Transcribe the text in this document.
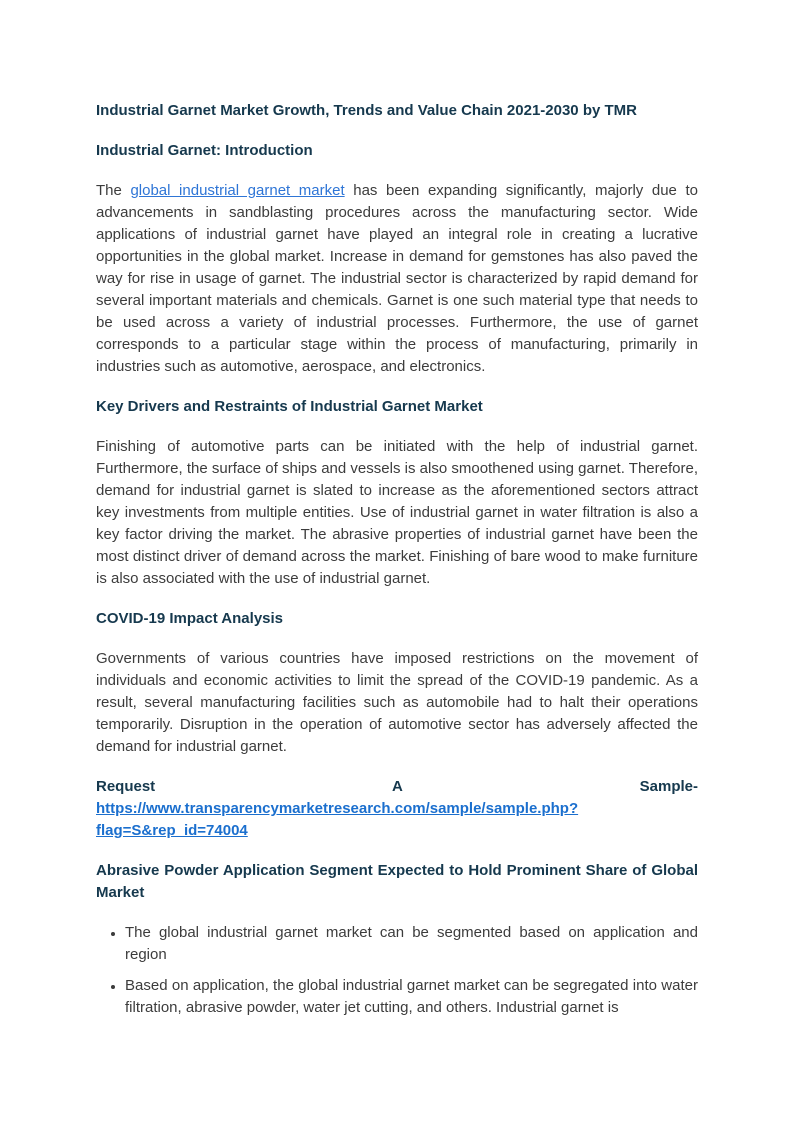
Industrial Garnet Market Growth, Trends and Value Chain 2021-2030 by TMR
Industrial Garnet: Introduction

The global industrial garnet market has been expanding significantly, majorly due to advancements in sandblasting procedures across the manufacturing sector. Wide applications of industrial garnet have played an integral role in creating a lucrative opportunities in the global market. Increase in demand for gemstones has also paved the way for rise in usage of garnet. The industrial sector is characterized by rapid demand for several important materials and chemicals. Garnet is one such material type that needs to be used across a variety of industrial processes. Furthermore, the use of garnet corresponds to a particular stage within the process of manufacturing, primarily in industries such as automotive, aerospace, and electronics.

Key Drivers and Restraints of Industrial Garnet Market

Finishing of automotive parts can be initiated with the help of industrial garnet. Furthermore, the surface of ships and vessels is also smoothened using garnet. Therefore, demand for industrial garnet is slated to increase as the aforementioned sectors attract key investments from multiple entities. Use of industrial garnet in water filtration is also a key factor driving the market. The abrasive properties of industrial garnet have been the most distinct driver of demand across the market. Finishing of bare wood to make furniture is also associated with the use of industrial garnet.

COVID-19 Impact Analysis

Governments of various countries have imposed restrictions on the movement of individuals and economic activities to limit the spread of the COVID-19 pandemic. As a result, several manufacturing facilities such as automobile had to halt their operations temporarily. Disruption in the operation of automotive sector has adversely affected the demand for industrial garnet.

Request A Sample- https://www.transparencymarketresearch.com/sample/sample.php?flag=S&rep_id=74004

Abrasive Powder Application Segment Expected to Hold Prominent Share of Global Market
• The global industrial garnet market can be segmented based on application and region
• Based on application, the global industrial garnet market can be segregated into water filtration, abrasive powder, water jet cutting, and others. Industrial garnet is
